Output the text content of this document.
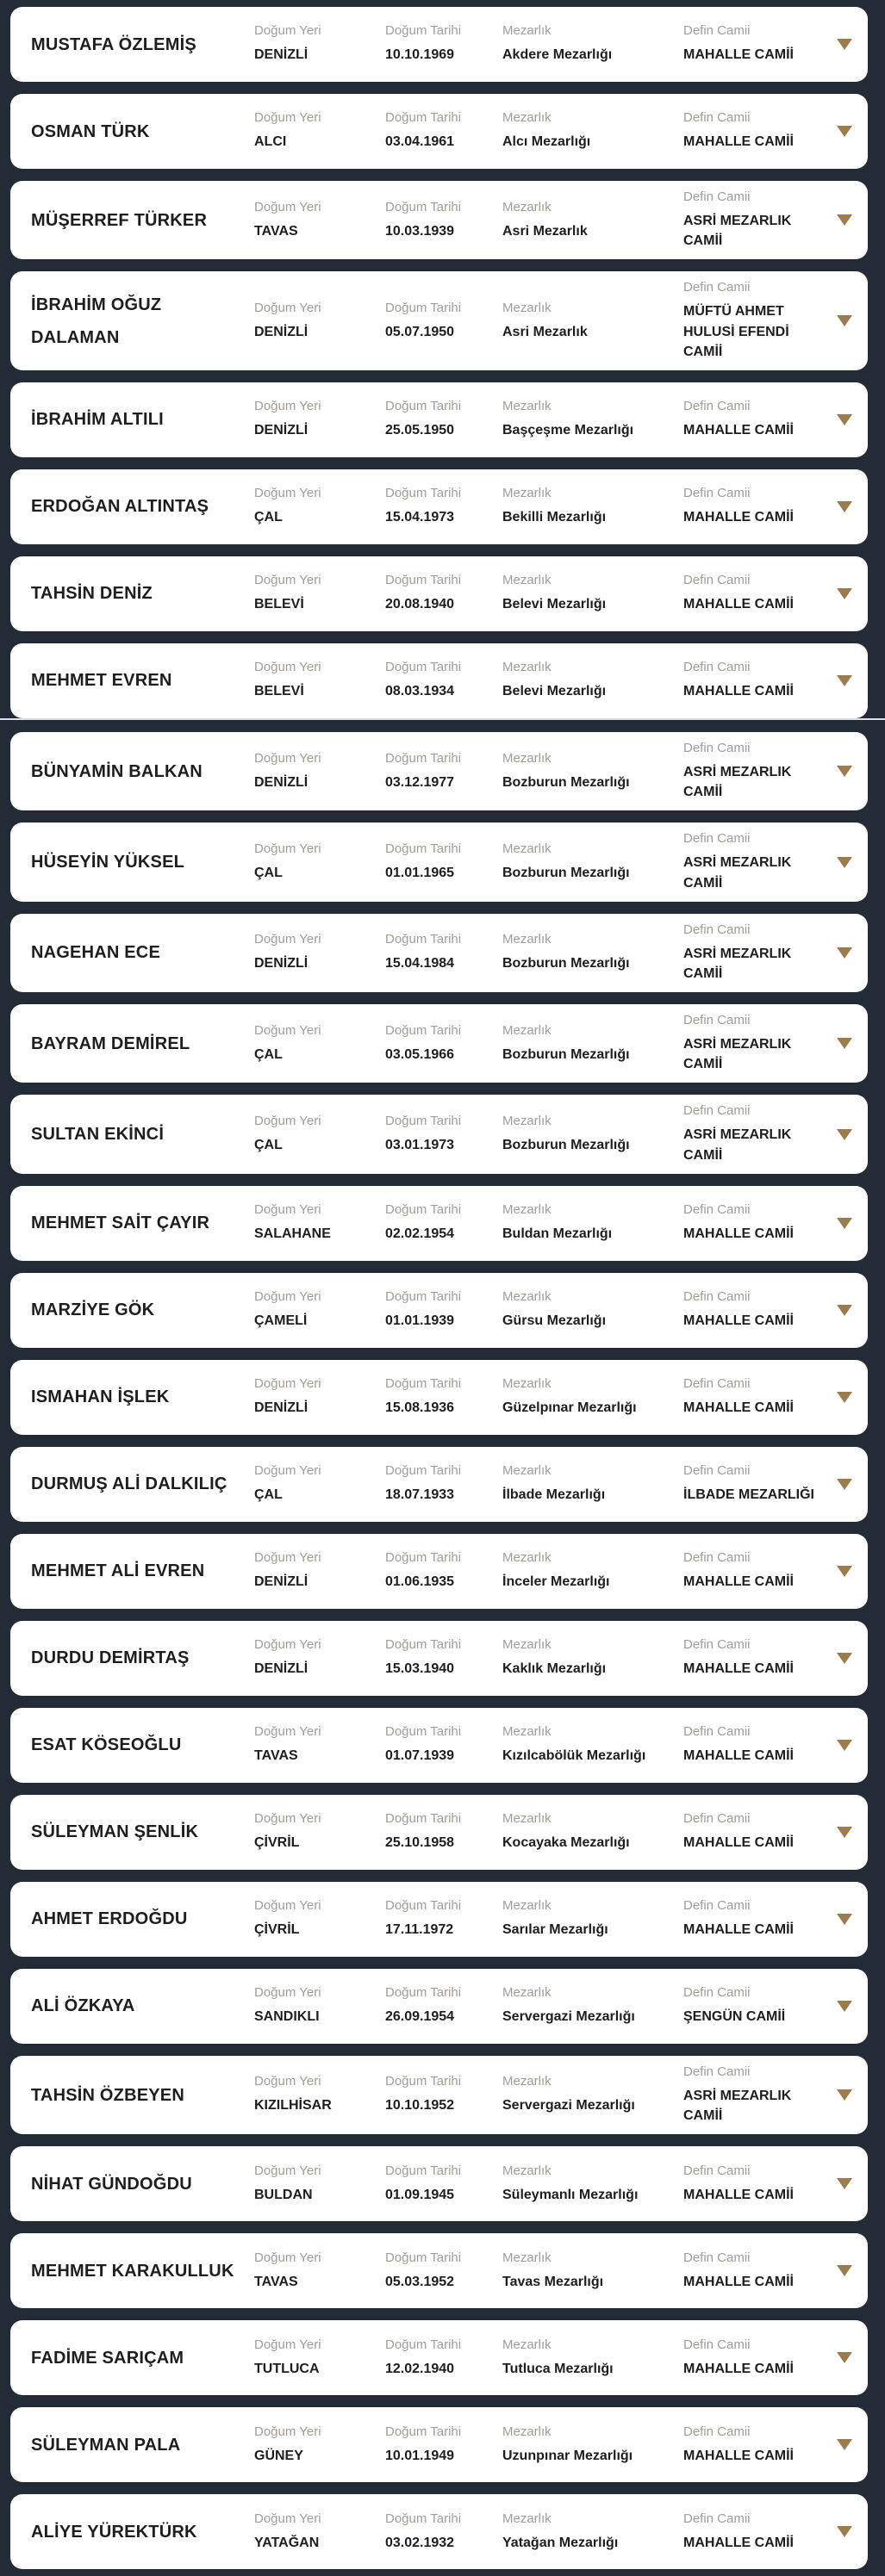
MUSTAFA ÖZLEMİŞ
Doğum Yeri
DENİZLİ
Doğum Tarihi
10.10.1969
Mezarlık
Akdere Mezarlığı
Defin Camii
MAHALLE CAMİİ
OSMAN TÜRK
Doğum Yeri
ALCI
Doğum Tarihi
03.04.1961
Mezarlık
Alcı Mezarlığı
Defin Camii
MAHALLE CAMİİ
MÜŞERREF TÜRKER
Doğum Yeri
TAVAS
Doğum Tarihi
10.03.1939
Mezarlık
Asri Mezarlık
Defin Camii
ASRİ MEZARLIK CAMİİ
İBRAHİM OĞUZ DALAMAN
Doğum Yeri
DENİZLİ
Doğum Tarihi
05.07.1950
Mezarlık
Asri Mezarlık
Defin Camii
MÜFTÜ AHMET HULUSİ EFENDİ CAMİİ
İBRAHİM ALTILI
Doğum Yeri
DENİZLİ
Doğum Tarihi
25.05.1950
Mezarlık
Başçeşme Mezarlığı
Defin Camii
MAHALLE CAMİİ
ERDOĞAN ALTINTAŞ
Doğum Yeri
ÇAL
Doğum Tarihi
15.04.1973
Mezarlık
Bekilli Mezarlığı
Defin Camii
MAHALLE CAMİİ
TAHSİN DENİZ
Doğum Yeri
BELEVİ
Doğum Tarihi
20.08.1940
Mezarlık
Belevi Mezarlığı
Defin Camii
MAHALLE CAMİİ
MEHMET EVREN
Doğum Yeri
BELEVİ
Doğum Tarihi
08.03.1934
Mezarlık
Belevi Mezarlığı
Defin Camii
MAHALLE CAMİİ
BÜNYAMİN BALKAN
Doğum Yeri
DENİZLİ
Doğum Tarihi
03.12.1977
Mezarlık
Bozburun Mezarlığı
Defin Camii
ASRİ MEZARLIK CAMİİ
HÜSEYİN YÜKSEL
Doğum Yeri
ÇAL
Doğum Tarihi
01.01.1965
Mezarlık
Bozburun Mezarlığı
Defin Camii
ASRİ MEZARLIK CAMİİ
NAGEHAN ECE
Doğum Yeri
DENİZLİ
Doğum Tarihi
15.04.1984
Mezarlık
Bozburun Mezarlığı
Defin Camii
ASRİ MEZARLIK CAMİİ
BAYRAM DEMİREL
Doğum Yeri
ÇAL
Doğum Tarihi
03.05.1966
Mezarlık
Bozburun Mezarlığı
Defin Camii
ASRİ MEZARLIK CAMİİ
SULTAN EKİNCİ
Doğum Yeri
ÇAL
Doğum Tarihi
03.01.1973
Mezarlık
Bozburun Mezarlığı
Defin Camii
ASRİ MEZARLIK CAMİİ
MEHMET SAİT ÇAYIR
Doğum Yeri
SALAHANE
Doğum Tarihi
02.02.1954
Mezarlık
Buldan Mezarlığı
Defin Camii
MAHALLE CAMİİ
MARZİYE GÖK
Doğum Yeri
ÇAMELİ
Doğum Tarihi
01.01.1939
Mezarlık
Gürsu Mezarlığı
Defin Camii
MAHALLE CAMİİ
ISMAHAN İŞLEK
Doğum Yeri
DENİZLİ
Doğum Tarihi
15.08.1936
Mezarlık
Güzelpınar Mezarlığı
Defin Camii
MAHALLE CAMİİ
DURMUŞ ALİ DALKILIÇ
Doğum Yeri
ÇAL
Doğum Tarihi
18.07.1933
Mezarlık
İlbade Mezarlığı
Defin Camii
İLBADE MEZARLIĞI
MEHMET ALİ EVREN
Doğum Yeri
DENİZLİ
Doğum Tarihi
01.06.1935
Mezarlık
İnceler Mezarlığı
Defin Camii
MAHALLE CAMİİ
DURDU DEMİRTAŞ
Doğum Yeri
DENİZLİ
Doğum Tarihi
15.03.1940
Mezarlık
Kaklık Mezarlığı
Defin Camii
MAHALLE CAMİİ
ESAT KÖSEOĞLU
Doğum Yeri
TAVAS
Doğum Tarihi
01.07.1939
Mezarlık
Kızılcabölük Mezarlığı
Defin Camii
MAHALLE CAMİİ
SÜLEYMAN ŞENLİK
Doğum Yeri
ÇİVRİL
Doğum Tarihi
25.10.1958
Mezarlık
Kocayaka Mezarlığı
Defin Camii
MAHALLE CAMİİ
AHMET ERDOĞDU
Doğum Yeri
ÇİVRİL
Doğum Tarihi
17.11.1972
Mezarlık
Sarılar Mezarlığı
Defin Camii
MAHALLE CAMİİ
ALİ ÖZKAYA
Doğum Yeri
SANDIKLI
Doğum Tarihi
26.09.1954
Mezarlık
Servergazi Mezarlığı
Defin Camii
ŞENGÜN CAMİİ
TAHSİN ÖZBEYEN
Doğum Yeri
KIZILHİSAR
Doğum Tarihi
10.10.1952
Mezarlık
Servergazi Mezarlığı
Defin Camii
ASRİ MEZARLIK CAMİİ
NİHAT GÜNDOĞDU
Doğum Yeri
BULDAN
Doğum Tarihi
01.09.1945
Mezarlık
Süleymanlı Mezarlığı
Defin Camii
MAHALLE CAMİİ
MEHMET KARAKULLUK
Doğum Yeri
TAVAS
Doğum Tarihi
05.03.1952
Mezarlık
Tavas Mezarlığı
Defin Camii
MAHALLE CAMİİ
FADİME SARIÇAM
Doğum Yeri
TUTLUCA
Doğum Tarihi
12.02.1940
Mezarlık
Tutluca Mezarlığı
Defin Camii
MAHALLE CAMİİ
SÜLEYMAN PALA
Doğum Yeri
GÜNEY
Doğum Tarihi
10.01.1949
Mezarlık
Uzunpınar Mezarlığı
Defin Camii
MAHALLE CAMİİ
ALİYE YÜREKTÜRK
Doğum Yeri
YATAĞAN
Doğum Tarihi
03.02.1932
Mezarlık
Yatağan Mezarlığı
Defin Camii
MAHALLE CAMİİ
